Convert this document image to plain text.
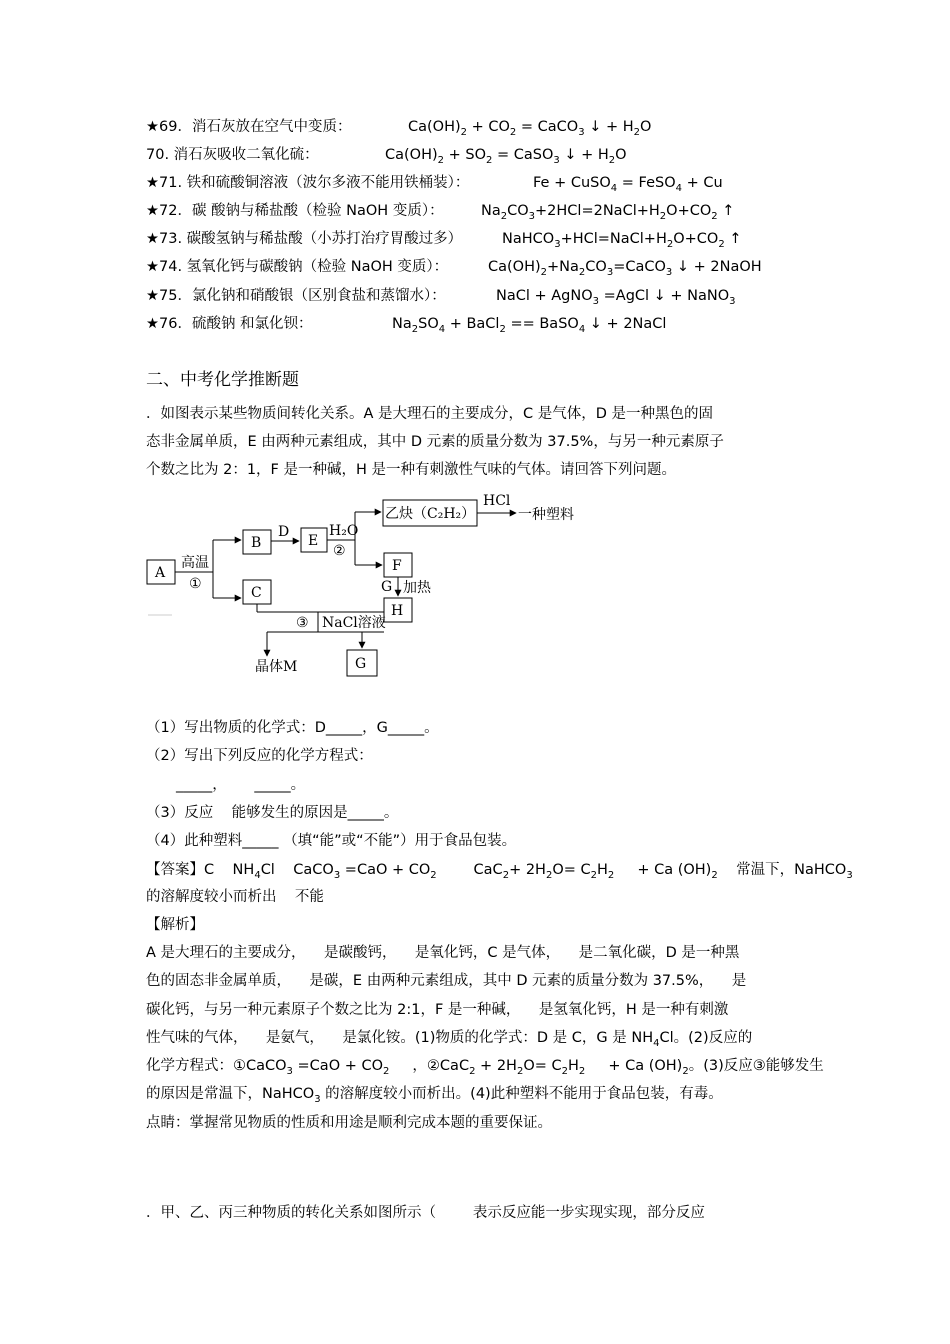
★69．消石灰放在空气中变质：	$Ca(OH)_2 + CO_2$ = CaCO$_3$ ↓ + $H_2O$
70. 消石灰吸收二氧化硫：	$Ca(OH)_2 + SO_2$ = CaSO$_3$ ↓ + $H_2O$
★71. 铁和硫酸铜溶液（波尔多液不能用铁桶装）：	Fe + CuSO$_4$ = FeSO$_4$ + Cu
★72．碳 酸钠与稀盐酸（检验 NaOH 变质）：	$Na_2CO_3+2HCl=2NaCl+H_2O+CO_2$ ↑
★73. 碳酸氢钠与稀盐酸（小苏打治疗胃酸过多）	$NaHCO_3+HCl=NaCl+H_2O+CO_2$ ↑
★74. 氢氧化钙与碳酸钠（检验 NaOH 变质）：	$Ca(OH)_2+Na_2CO_3=CaCO_3$ ↓ + 2NaOH
★75．氯化钠和硝酸银（区别食盐和蒸馏水）：	NaCl + AgNO$_3$ =AgCl ↓ + NaNO$_3$
★76．硫酸钠 和氯化钡：	$Na_2SO_4$ + BaCl$_2$ == BaSO$_4$ ↓ + 2NaCl
二、中考化学推断题
．如图表示某些物质间转化关系。A 是大理石的主要成分，C 是气体，D 是一种黑色的固
态非金属单质，E 由两种元素组成，其中 D 元素的质量分数为 37.5%，与另一种元素原子
个数之比为 2：1，F 是一种碱，H 是一种有刺激性气味的气体。请回答下列问题。
A
B
C
D
E
F
H
G
G
高温
①
H₂O
②
乙炔（C₂H₂）
HCl
一种塑料
加热
③ NaCl溶液
晶体M
（1）写出物质的化学式：D_____，G_____。
（2）写出下列反应的化学方程式：
_____，      _____。
（3）反应    能够发生的原因是_____。
（4）此种塑料_____ （填“能”或“不能”）用于食品包装。
【答案】C    $NH_4Cl$    CaCO$_3$ $=CaO + CO_2$        $CaC_2+ 2H_2O= C_2H_2$     + Ca $(OH)_2$    常温下，NaHCO$_3$
的溶解度较小而析出    不能
【解析】
A 是大理石的主要成分，    是碳酸钙，    是氧化钙，C 是气体，    是二氧化碳，D 是一种黑
色的固态非金属单质，    是碳，E 由两种元素组成，其中 D 元素的质量分数为 37.5%，    是
碳化钙，与另一种元素原子个数之比为 2:1，F 是一种碱，    是氢氧化钙，H 是一种有刺激
性气味的气体，    是氨气，    是氯化铵。(1)物质的化学式：D 是 C，G 是 $NH_4Cl$。(2)反应的
化学方程式：①CaCO$_3$ $=CaO + CO_2$     ，②CaC$_2$ + $2H_2O= C_2H_2$     + Ca $(OH)_2$。(3)反应③能够发生
的原因是常温下，NaHCO$_3$ 的溶解度较小而析出。(4)此种塑料不能用于食品包装，有毒。
点睛：掌握常见物质的性质和用途是顺利完成本题的重要保证。
．甲、乙、丙三种物质的转化关系如图所示（        表示反应能一步实现实现，部分反应
